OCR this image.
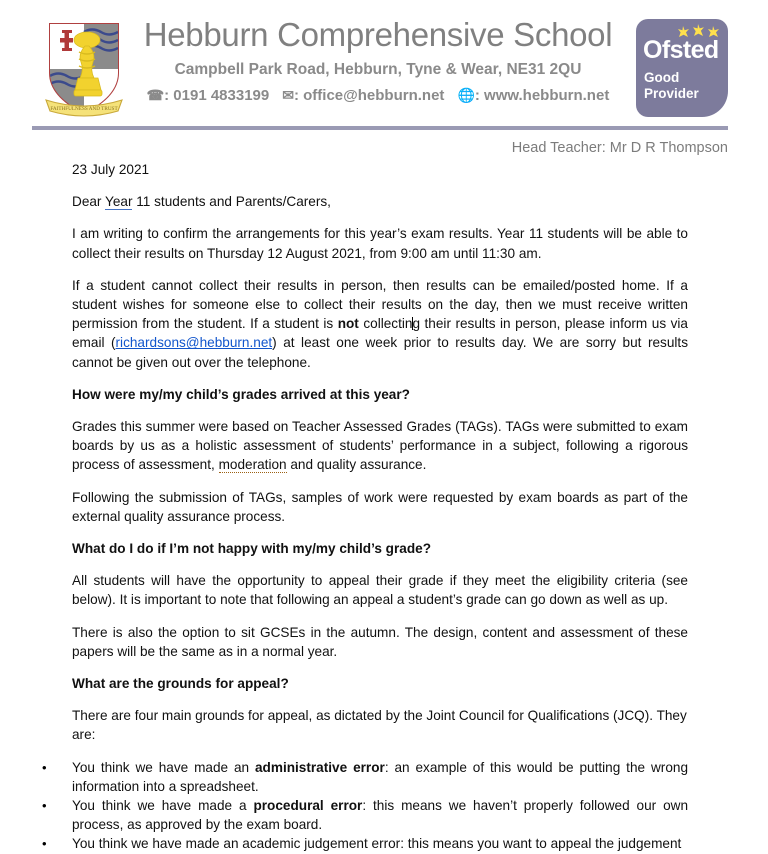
FAITHFULNESS AND TRUST
Hebburn Comprehensive School
Campbell Park Road, Hebburn, Tyne & Wear, NE31 2QU
☎: 0191 4833199 ✉: office@hebburn.net 🌐: www.hebburn.net
Ofsted
Good
Provider
Head Teacher: Mr D R Thompson

23 July 2021

Dear Year 11 students and Parents/Carers,

I am writing to confirm the arrangements for this year’s exam results. Year 11 students will be able to collect their results on Thursday 12 August 2021, from 9:00 am until 11:30 am.

If a student cannot collect their results in person, then results can be emailed/posted home. If a student wishes for someone else to collect their results on the day, then we must receive written permission from the student. If a student is not collecting their results in person, please inform us via email (richardsons@hebburn.net) at least one week prior to results day. We are sorry but results cannot be given out over the telephone.

How were my/my child’s grades arrived at this year?

Grades this summer were based on Teacher Assessed Grades (TAGs). TAGs were submitted to exam boards by us as a holistic assessment of students’ performance in a subject, following a rigorous process of assessment, moderation and quality assurance.

Following the submission of TAGs, samples of work were requested by exam boards as part of the external quality assurance process.

What do I do if I’m not happy with my/my child’s grade?

All students will have the opportunity to appeal their grade if they meet the eligibility criteria (see below). It is important to note that following an appeal a student’s grade can go down as well as up.

There is also the option to sit GCSEs in the autumn. The design, content and assessment of these papers will be the same as in a normal year.

What are the grounds for appeal?

There are four main grounds for appeal, as dictated by the Joint Council for Qualifications (JCQ). They are:

• You think we have made an administrative error: an example of this would be putting the wrong information into a spreadsheet.
• You think we have made a procedural error: this means we haven’t properly followed our own process, as approved by the exam board.
• You think we have made an academic judgement error: this means you want to appeal the judgement
